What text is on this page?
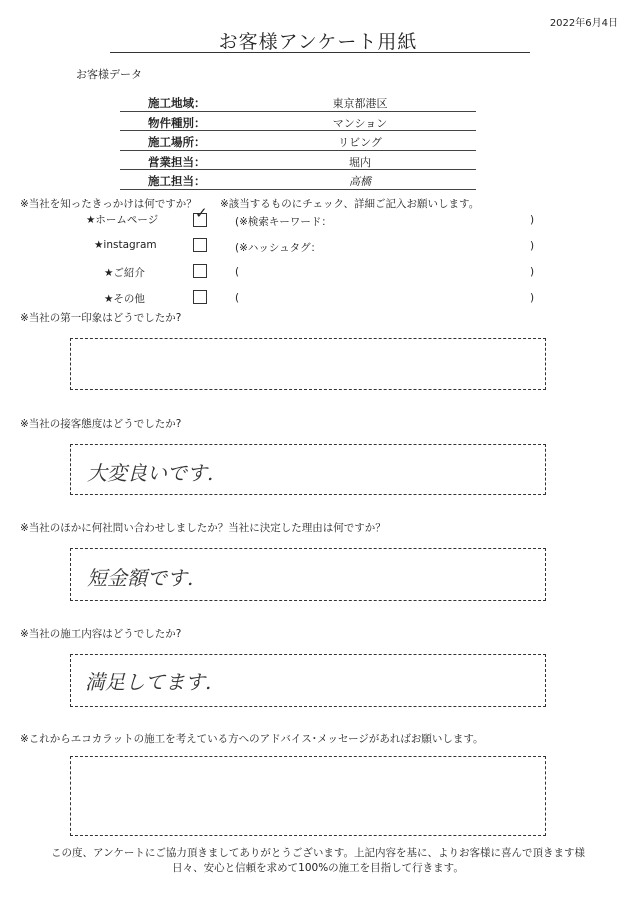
2022年6月4日
お客様アンケート用紙
お客様データ
施工地域：	東京都港区
物件種別：	マンション
施工場所：	リビング
営業担当：	堀内
施工担当：	高橋
※当社を知ったきっかけは何ですか？ ※該当するものにチェック、詳細ご記入お願いします。
★ホームページ ✓	(※検索キーワード：	)
★instagram	(※ハッシュタグ：	)
★ご紹介	(	)
★その他	(	)
※当社の第一印象はどうでしたか?
※当社の接客態度はどうでしたか?
大変良いです.
※当社のほかに何社問い合わせしましたか？当社に決定した理由は何ですか？
短金額です.
※当社の施工内容はどうでしたか?
満足してます.
※これからエコカラットの施工を考えている方へのアドバイス･メッセージがあればお願いします。
この度、アンケートにご協力頂きましてありがとうございます。上記内容を基に、よりお客様に喜んで頂きます様
日々、安心と信頼を求めて100%の施工を目指して行きます。
